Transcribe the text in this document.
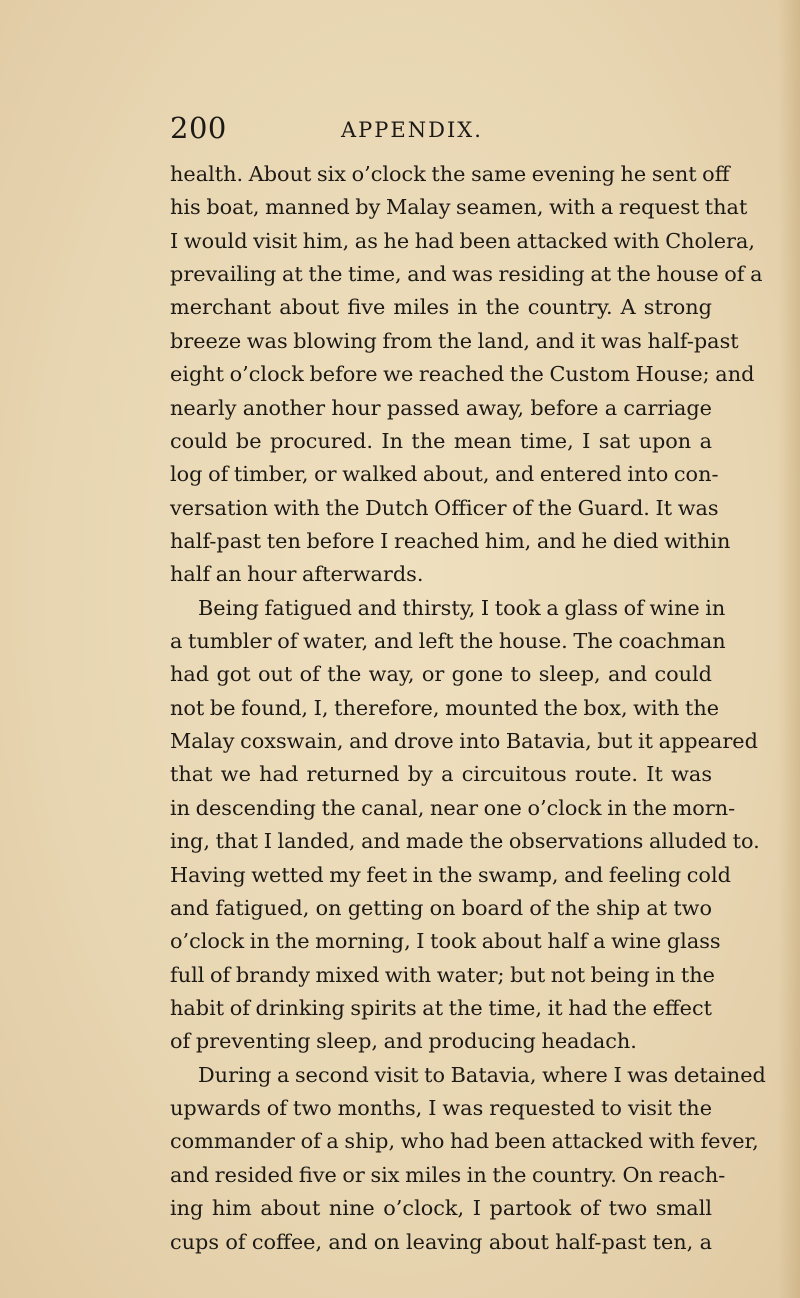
200	APPENDIX.
health. About six o’clock the same evening he sent off
his boat, manned by Malay seamen, with a request that
I would visit him, as he had been attacked with Cholera,
prevailing at the time, and was residing at the house of a
merchant about five miles in the country. A strong
breeze was blowing from the land, and it was half-past
eight o’clock before we reached the Custom House; and
nearly another hour passed away, before a carriage
could be procured. In the mean time, I sat upon a
log of timber, or walked about, and entered into con-
versation with the Dutch Officer of the Guard. It was
half-past ten before I reached him, and he died within
half an hour afterwards.
Being fatigued and thirsty, I took a glass of wine in
a tumbler of water, and left the house. The coachman
had got out of the way, or gone to sleep, and could
not be found, I, therefore, mounted the box, with the
Malay coxswain, and drove into Batavia, but it appeared
that we had returned by a circuitous route. It was
in descending the canal, near one o’clock in the morn-
ing, that I landed, and made the observations alluded to.
Having wetted my feet in the swamp, and feeling cold
and fatigued, on getting on board of the ship at two
o’clock in the morning, I took about half a wine glass
full of brandy mixed with water; but not being in the
habit of drinking spirits at the time, it had the effect
of preventing sleep, and producing headach.
During a second visit to Batavia, where I was detained
upwards of two months, I was requested to visit the
commander of a ship, who had been attacked with fever,
and resided five or six miles in the country. On reach-
ing him about nine o’clock, I partook of two small
cups of coffee, and on leaving about half-past ten, a
